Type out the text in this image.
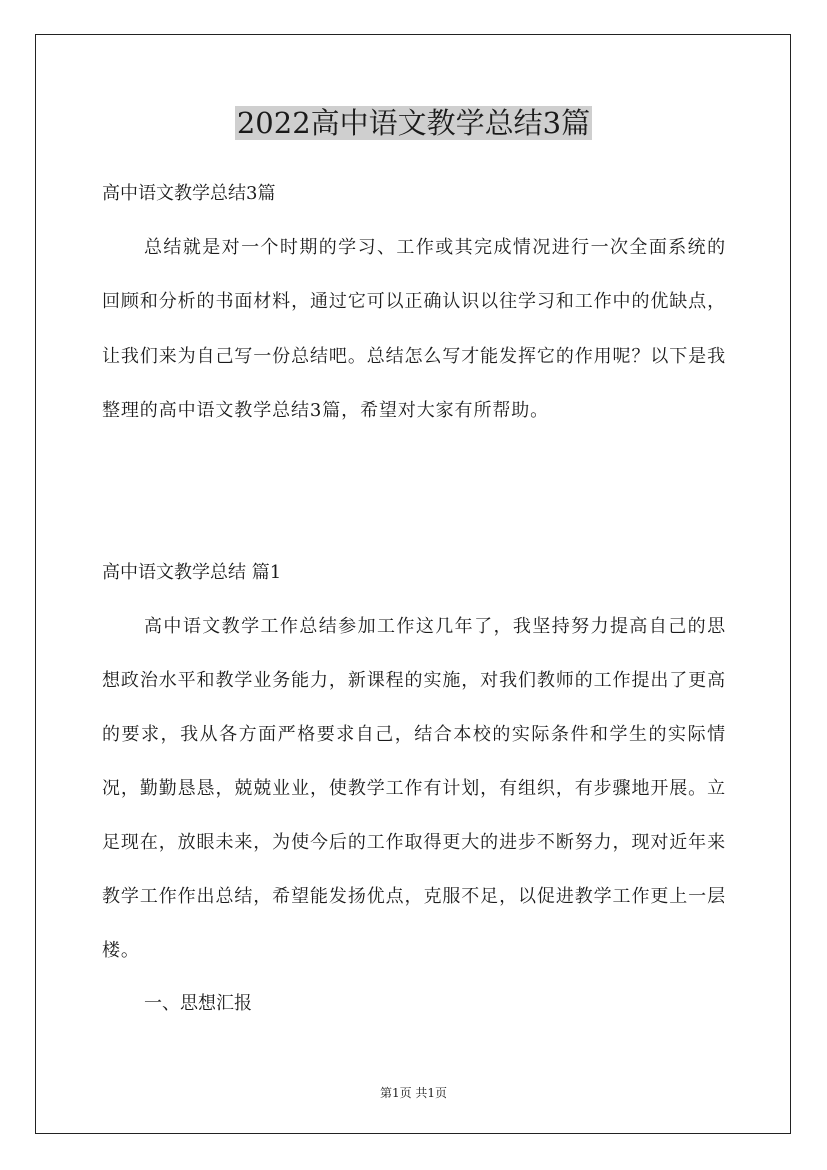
2022高中语文教学总结3篇
高中语文教学总结3篇
总结就是对一个时期的学习、工作或其完成情况进行一次全面系统的回顾和分析的书面材料，通过它可以正确认识以往学习和工作中的优缺点，让我们来为自己写一份总结吧。总结怎么写才能发挥它的作用呢？以下是我整理的高中语文教学总结3篇，希望对大家有所帮助。
高中语文教学总结 篇1
高中语文教学工作总结参加工作这几年了，我坚持努力提高自己的思想政治水平和教学业务能力，新课程的实施，对我们教师的工作提出了更高的要求，我从各方面严格要求自己，结合本校的实际条件和学生的实际情况，勤勤恳恳，兢兢业业，使教学工作有计划，有组织，有步骤地开展。立足现在，放眼未来，为使今后的工作取得更大的进步不断努力，现对近年来教学工作作出总结，希望能发扬优点，克服不足，以促进教学工作更上一层楼。
一、思想汇报
第1页 共1页
